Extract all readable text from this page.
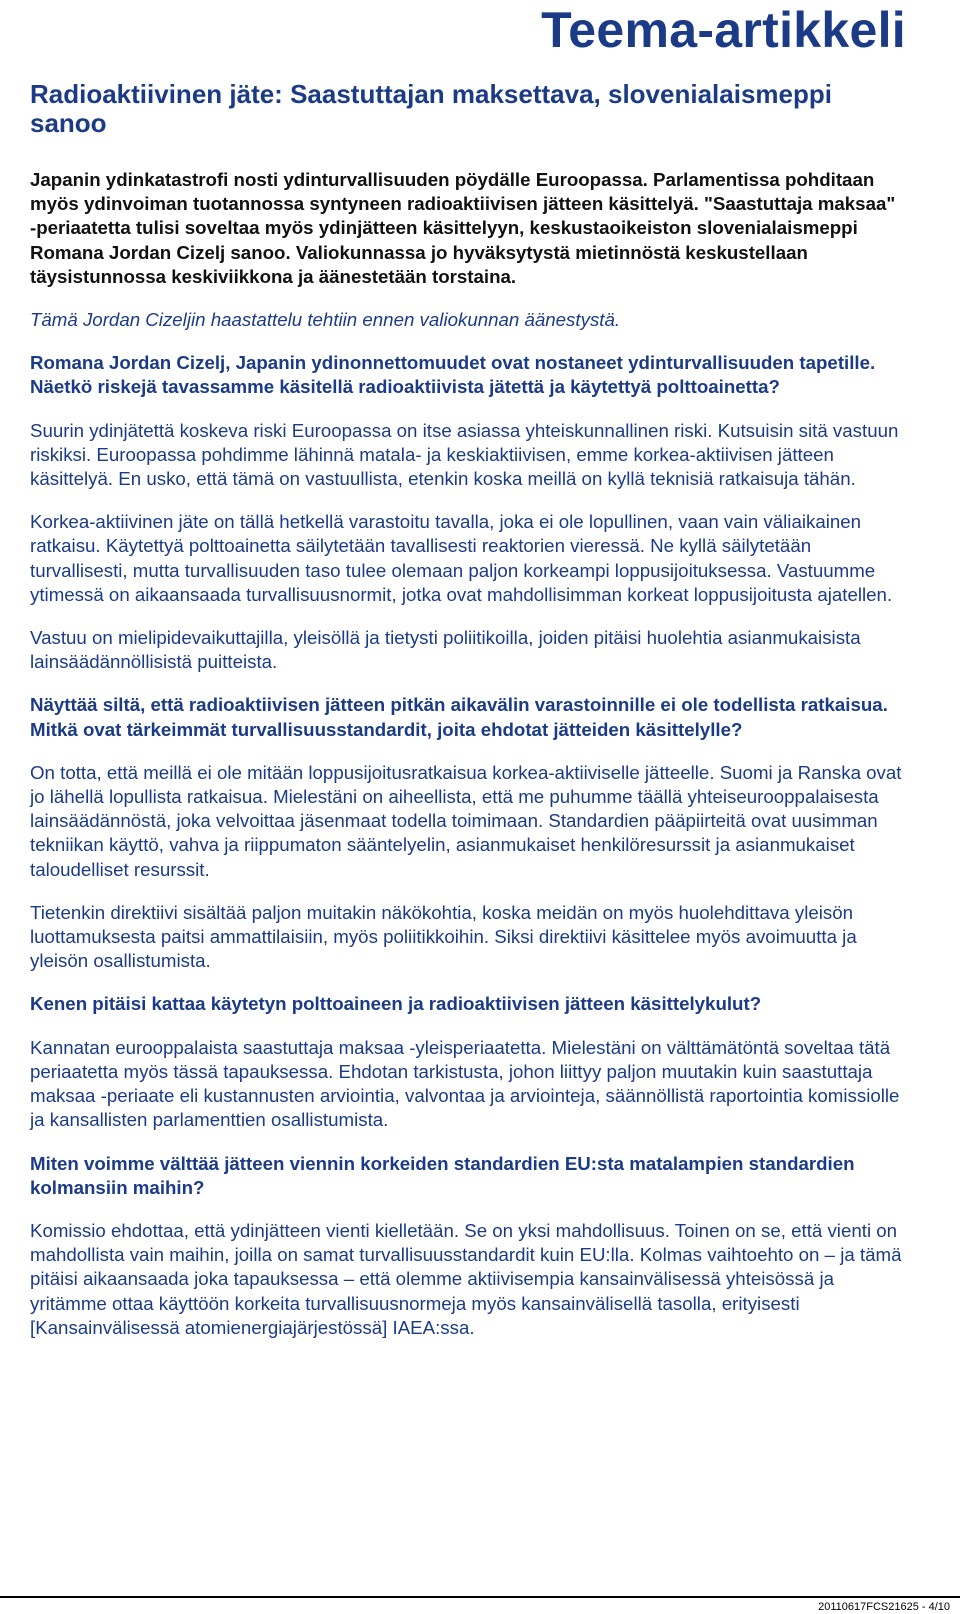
Teema-artikkeli
Radioaktiivinen jäte: Saastuttajan maksettava, slovenialaismeppi sanoo

Japanin ydinkatastrofi nosti ydinturvallisuuden pöydälle Euroopassa. Parlamentissa pohditaan myös ydinvoiman tuotannossa syntyneen radioaktiivisen jätteen käsittelyä. "Saastuttaja maksaa" -periaatetta tulisi soveltaa myös ydinjätteen käsittelyyn, keskustaoikeiston slovenialaismeppi Romana Jordan Cizelj sanoo. Valiokunnassa jo hyväksytystä mietinnöstä keskustellaan täysistunnossa keskiviikkona ja äänestetään torstaina.

Tämä Jordan Cizeljin haastattelu tehtiin ennen valiokunnan äänestystä.

Romana Jordan Cizelj, Japanin ydinonnettomuudet ovat nostaneet ydinturvallisuuden tapetille. Näetkö riskejä tavassamme käsitellä radioaktiivista jätettä ja käytettyä polttoainetta?

Suurin ydinjätettä koskeva riski Euroopassa on itse asiassa yhteiskunnallinen riski. Kutsuisin sitä vastuun riskiksi. Euroopassa pohdimme lähinnä matala- ja keskiaktiivisen, emme korkea-aktiivisen jätteen käsittelyä. En usko, että tämä on vastuullista, etenkin koska meillä on kyllä teknisiä ratkaisuja tähän.

Korkea-aktiivinen jäte on tällä hetkellä varastoitu tavalla, joka ei ole lopullinen, vaan vain väliaikainen ratkaisu. Käytettyä polttoainetta säilytetään tavallisesti reaktorien vieressä. Ne kyllä säilytetään turvallisesti, mutta turvallisuuden taso tulee olemaan paljon korkeampi loppusijoituksessa. Vastuumme ytimessä on aikaansaada turvallisuusnormit, jotka ovat mahdollisimman korkeat loppusijoitusta ajatellen.

Vastuu on mielipidevaikuttajilla, yleisöllä ja tietysti poliitikoilla, joiden pitäisi huolehtia asianmukaisista lainsäädännöllisistä puitteista.

Näyttää siltä, että radioaktiivisen jätteen pitkän aikavälin varastoinnille ei ole todellista ratkaisua. Mitkä ovat tärkeimmät turvallisuusstandardit, joita ehdotat jätteiden käsittelylle?

On totta, että meillä ei ole mitään loppusijoitusratkaisua korkea-aktiiviselle jätteelle. Suomi ja Ranska ovat jo lähellä lopullista ratkaisua. Mielestäni on aiheellista, että me puhumme täällä yhteiseurooppalaisesta lainsäädännöstä, joka velvoittaa jäsenmaat todella toimimaan. Standardien pääpiirteitä ovat uusimman tekniikan käyttö, vahva ja riippumaton sääntelyelin, asianmukaiset henkilöresurssit ja asianmukaiset taloudelliset resurssit.

Tietenkin direktiivi sisältää paljon muitakin näkökohtia, koska meidän on myös huolehdittava yleisön luottamuksesta paitsi ammattilaisiin, myös poliitikkoihin. Siksi direktiivi käsittelee myös avoimuutta ja yleisön osallistumista.

Kenen pitäisi kattaa käytetyn polttoaineen ja radioaktiivisen jätteen käsittelykulut?

Kannatan eurooppalaista saastuttaja maksaa -yleisperiaatetta. Mielestäni on välttämätöntä soveltaa tätä periaatetta myös tässä tapauksessa. Ehdotan tarkistusta, johon liittyy paljon muutakin kuin saastuttaja maksaa -periaate eli kustannusten arviointia, valvontaa ja arviointeja, säännöllistä raportointia komissiolle ja kansallisten parlamenttien osallistumista.

Miten voimme välttää jätteen viennin korkeiden standardien EU:sta matalampien standardien kolmansiin maihin?

Komissio ehdottaa, että ydinjätteen vienti kielletään. Se on yksi mahdollisuus. Toinen on se, että vienti on mahdollista vain maihin, joilla on samat turvallisuusstandardit kuin EU:lla. Kolmas vaihtoehto on – ja tämä pitäisi aikaansaada joka tapauksessa – että olemme aktiivisempia kansainvälisessä yhteisössä ja yritämme ottaa käyttöön korkeita turvallisuusnormeja myös kansainvälisellä tasolla, erityisesti [Kansainvälisessä atomienergiajärjestössä] IAEA:ssa.

20110617FCS21625 - 4/10
